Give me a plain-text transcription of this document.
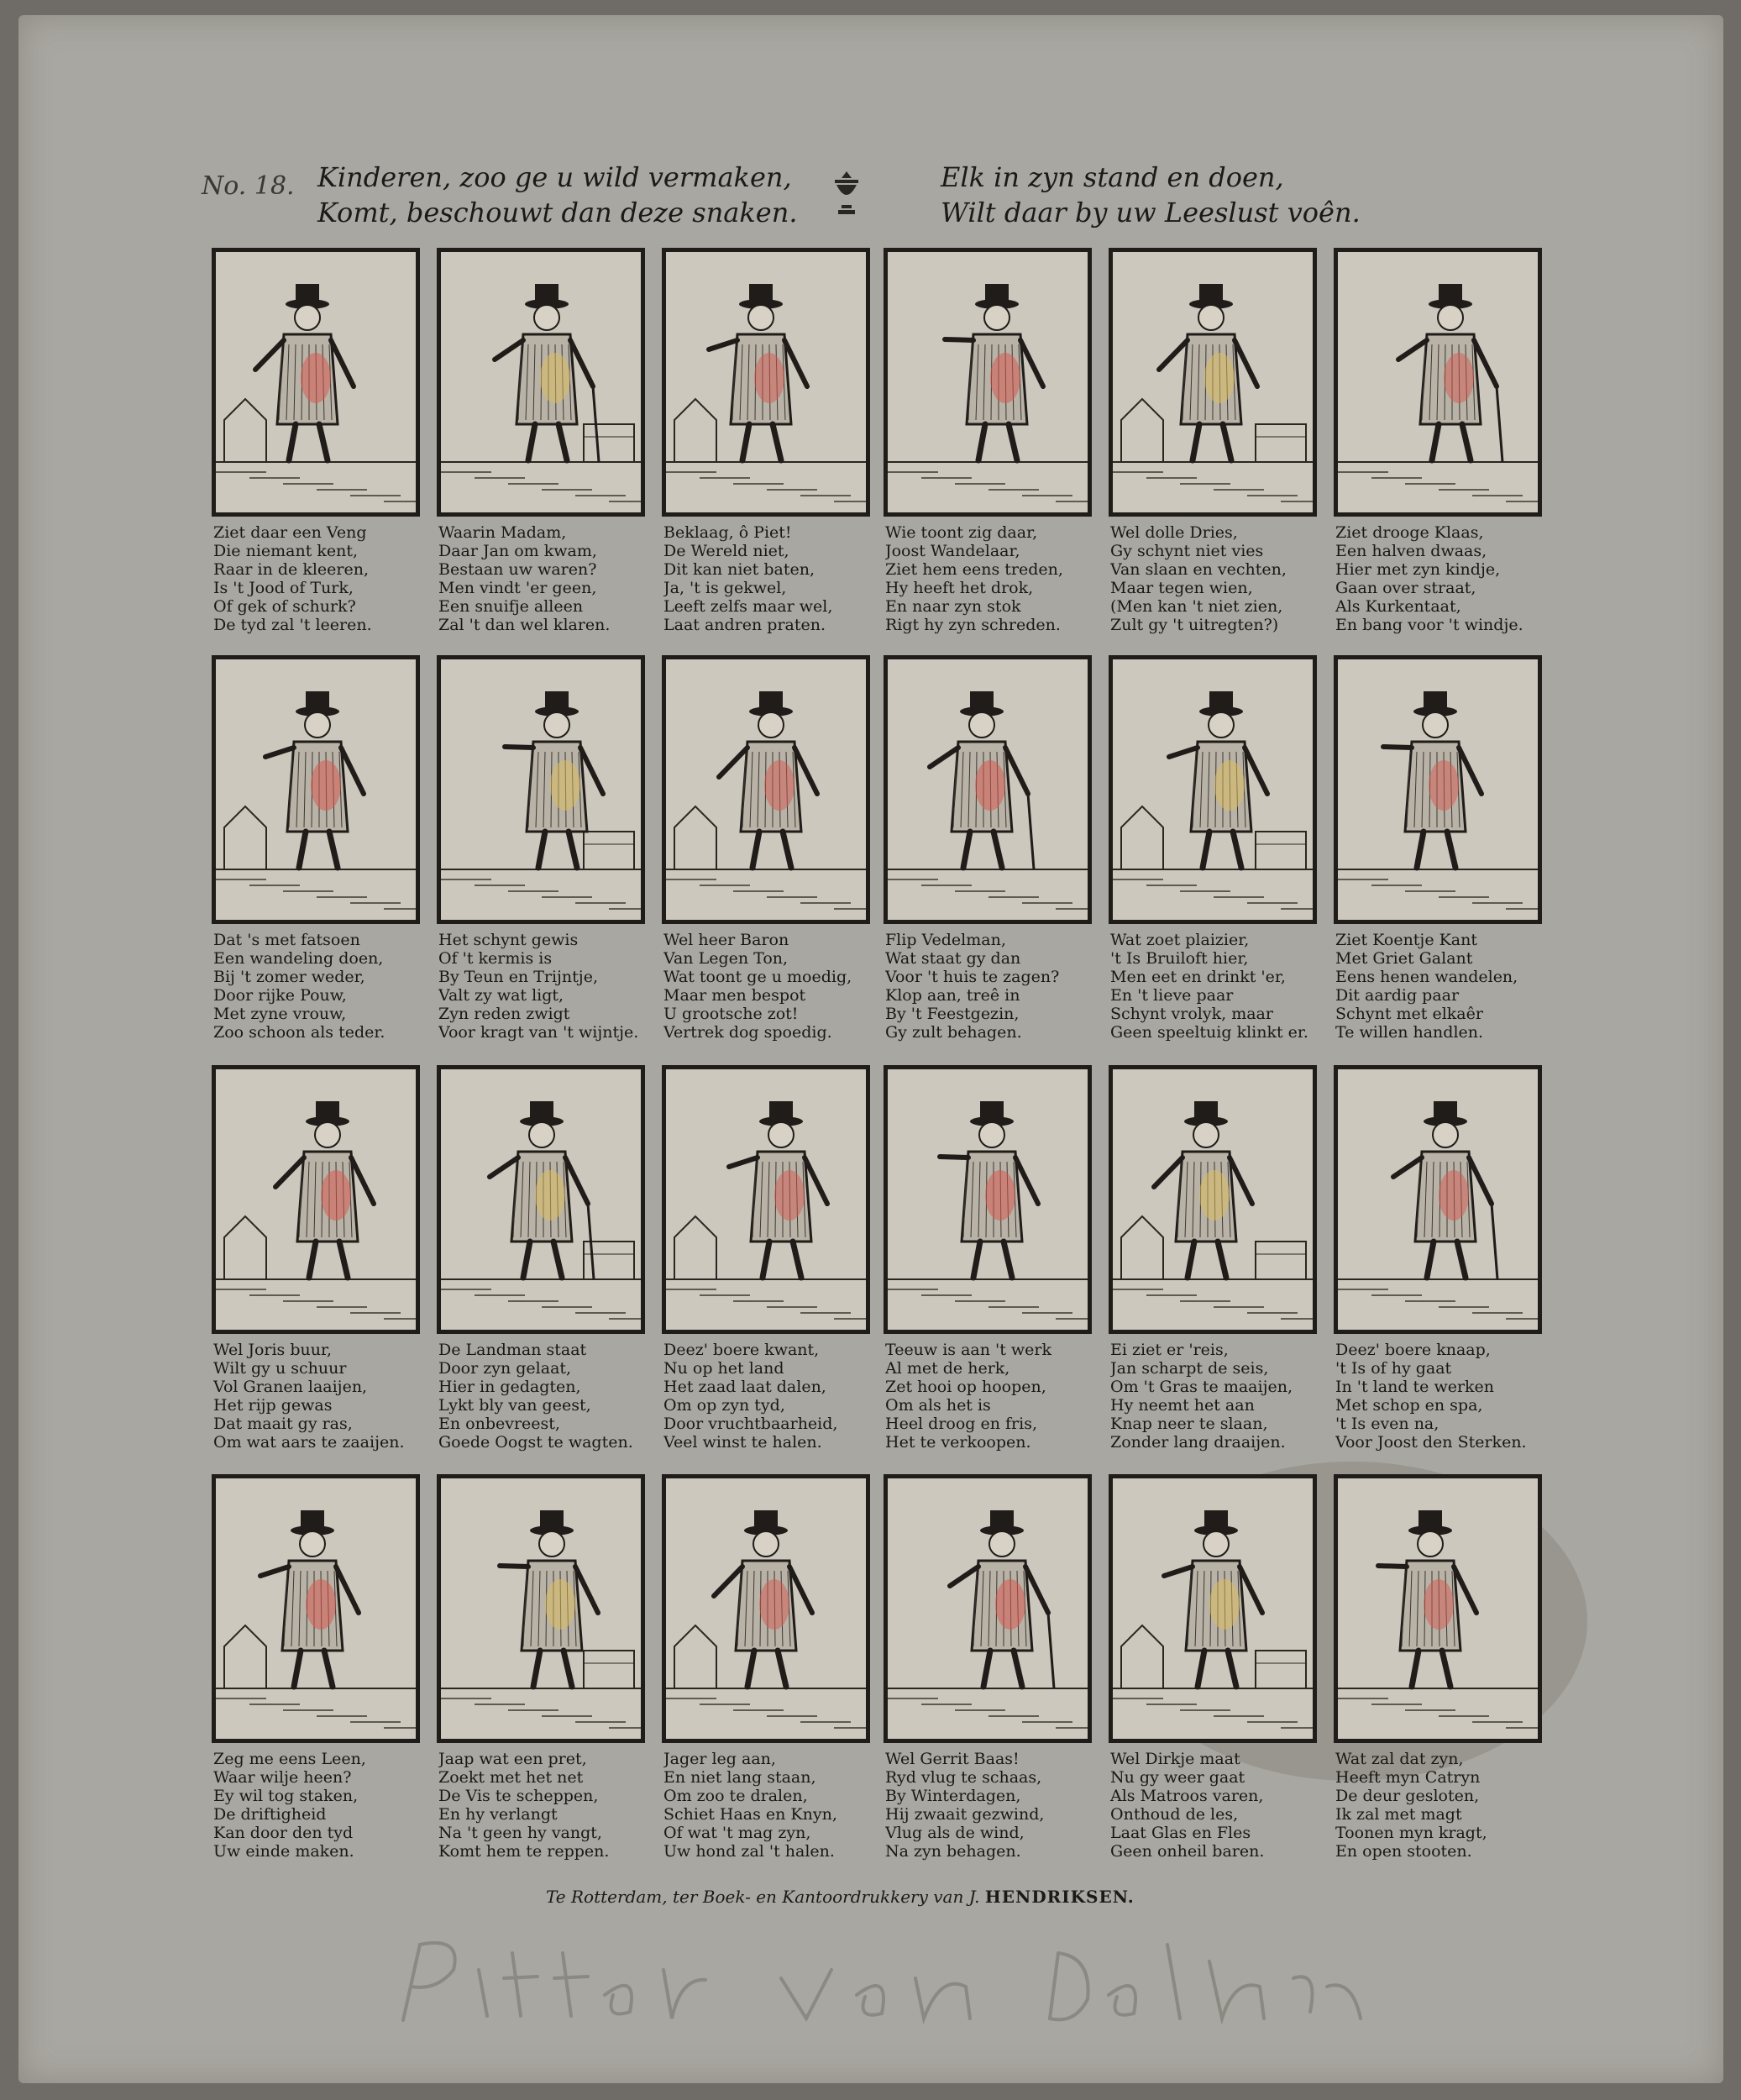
No. 18. Kinderen, zoo ge u wild vermaken,
Komt, beschouwt dan deze snaken.
Elk in zyn stand en doen,
Wilt daar by uw Leeslust voên.
Ziet daar een Veng
Die niemant kent,
Raar in de kleeren,
Is 't Jood of Turk,
Of gek of schurk?
De tyd zal 't leeren.
Waarin Madam,
Daar Jan om kwam,
Bestaan uw waren?
Men vindt 'er geen,
Een snuifje alleen
Zal 't dan wel klaren.
Beklaag, ô Piet!
De Wereld niet,
Dit kan niet baten,
Ja, 't is gekwel,
Leeft zelfs maar wel,
Laat andren praten.
Wie toont zig daar,
Joost Wandelaar,
Ziet hem eens treden,
Hy heeft het drok,
En naar zyn stok
Rigt hy zyn schreden.
Wel dolle Dries,
Gy schynt niet vies
Van slaan en vechten,
Maar tegen wien,
(Men kan 't niet zien,
Zult gy 't uitregten?)
Ziet drooge Klaas,
Een halven dwaas,
Hier met zyn kindje,
Gaan over straat,
Als Kurkentaat,
En bang voor 't windje.
Dat 's met fatsoen
Een wandeling doen,
Bij 't zomer weder,
Door rijke Pouw,
Met zyne vrouw,
Zoo schoon als teder.
Het schynt gewis
Of 't kermis is
By Teun en Trijntje,
Valt zy wat ligt,
Zyn reden zwigt
Voor kragt van 't wijntje.
Wel heer Baron
Van Legen Ton,
Wat toont ge u moedig,
Maar men bespot
U grootsche zot!
Vertrek dog spoedig.
Flip Vedelman,
Wat staat gy dan
Voor 't huis te zagen?
Klop aan, treê in
By 't Feestgezin,
Gy zult behagen.
Wat zoet plaizier,
't Is Bruiloft hier,
Men eet en drinkt 'er,
En 't lieve paar
Schynt vrolyk, maar
Geen speeltuig klinkt er.
Ziet Koentje Kant
Met Griet Galant
Eens henen wandelen,
Dit aardig paar
Schynt met elkaêr
Te willen handlen.
Wel Joris buur,
Wilt gy u schuur
Vol Granen laaijen,
Het rijp gewas
Dat maait gy ras,
Om wat aars te zaaijen.
De Landman staat
Door zyn gelaat,
Hier in gedagten,
Lykt bly van geest,
En onbevreest,
Goede Oogst te wagten.
Deez' boere kwant,
Nu op het land
Het zaad laat dalen,
Om op zyn tyd,
Door vruchtbaarheid,
Veel winst te halen.
Teeuw is aan 't werk
Al met de herk,
Zet hooi op hoopen,
Om als het is
Heel droog en fris,
Het te verkoopen.
Ei ziet er 'reis,
Jan scharpt de seis,
Om 't Gras te maaijen,
Hy neemt het aan
Knap neer te slaan,
Zonder lang draaijen.
Deez' boere knaap,
't Is of hy gaat
In 't land te werken
Met schop en spa,
't Is even na,
Voor Joost den Sterken.
Zeg me eens Leen,
Waar wilje heen?
Ey wil tog staken,
De driftigheid
Kan door den tyd
Uw einde maken.
Jaap wat een pret,
Zoekt met het net
De Vis te scheppen,
En hy verlangt
Na 't geen hy vangt,
Komt hem te reppen.
Jager leg aan,
En niet lang staan,
Om zoo te dralen,
Schiet Haas en Knyn,
Of wat 't mag zyn,
Uw hond zal 't halen.
Wel Gerrit Baas!
Ryd vlug te schaas,
By Winterdagen,
Hij zwaait gezwind,
Vlug als de wind,
Na zyn behagen.
Wel Dirkje maat
Nu gy weer gaat
Als Matroos varen,
Onthoud de les,
Laat Glas en Fles
Geen onheil baren.
Wat zal dat zyn,
Heeft myn Catryn
De deur gesloten,
Ik zal met magt
Toonen myn kragt,
En open stooten.
Te Rotterdam, ter Boek- en Kantoordrukkery van J. HENDRIKSEN.
